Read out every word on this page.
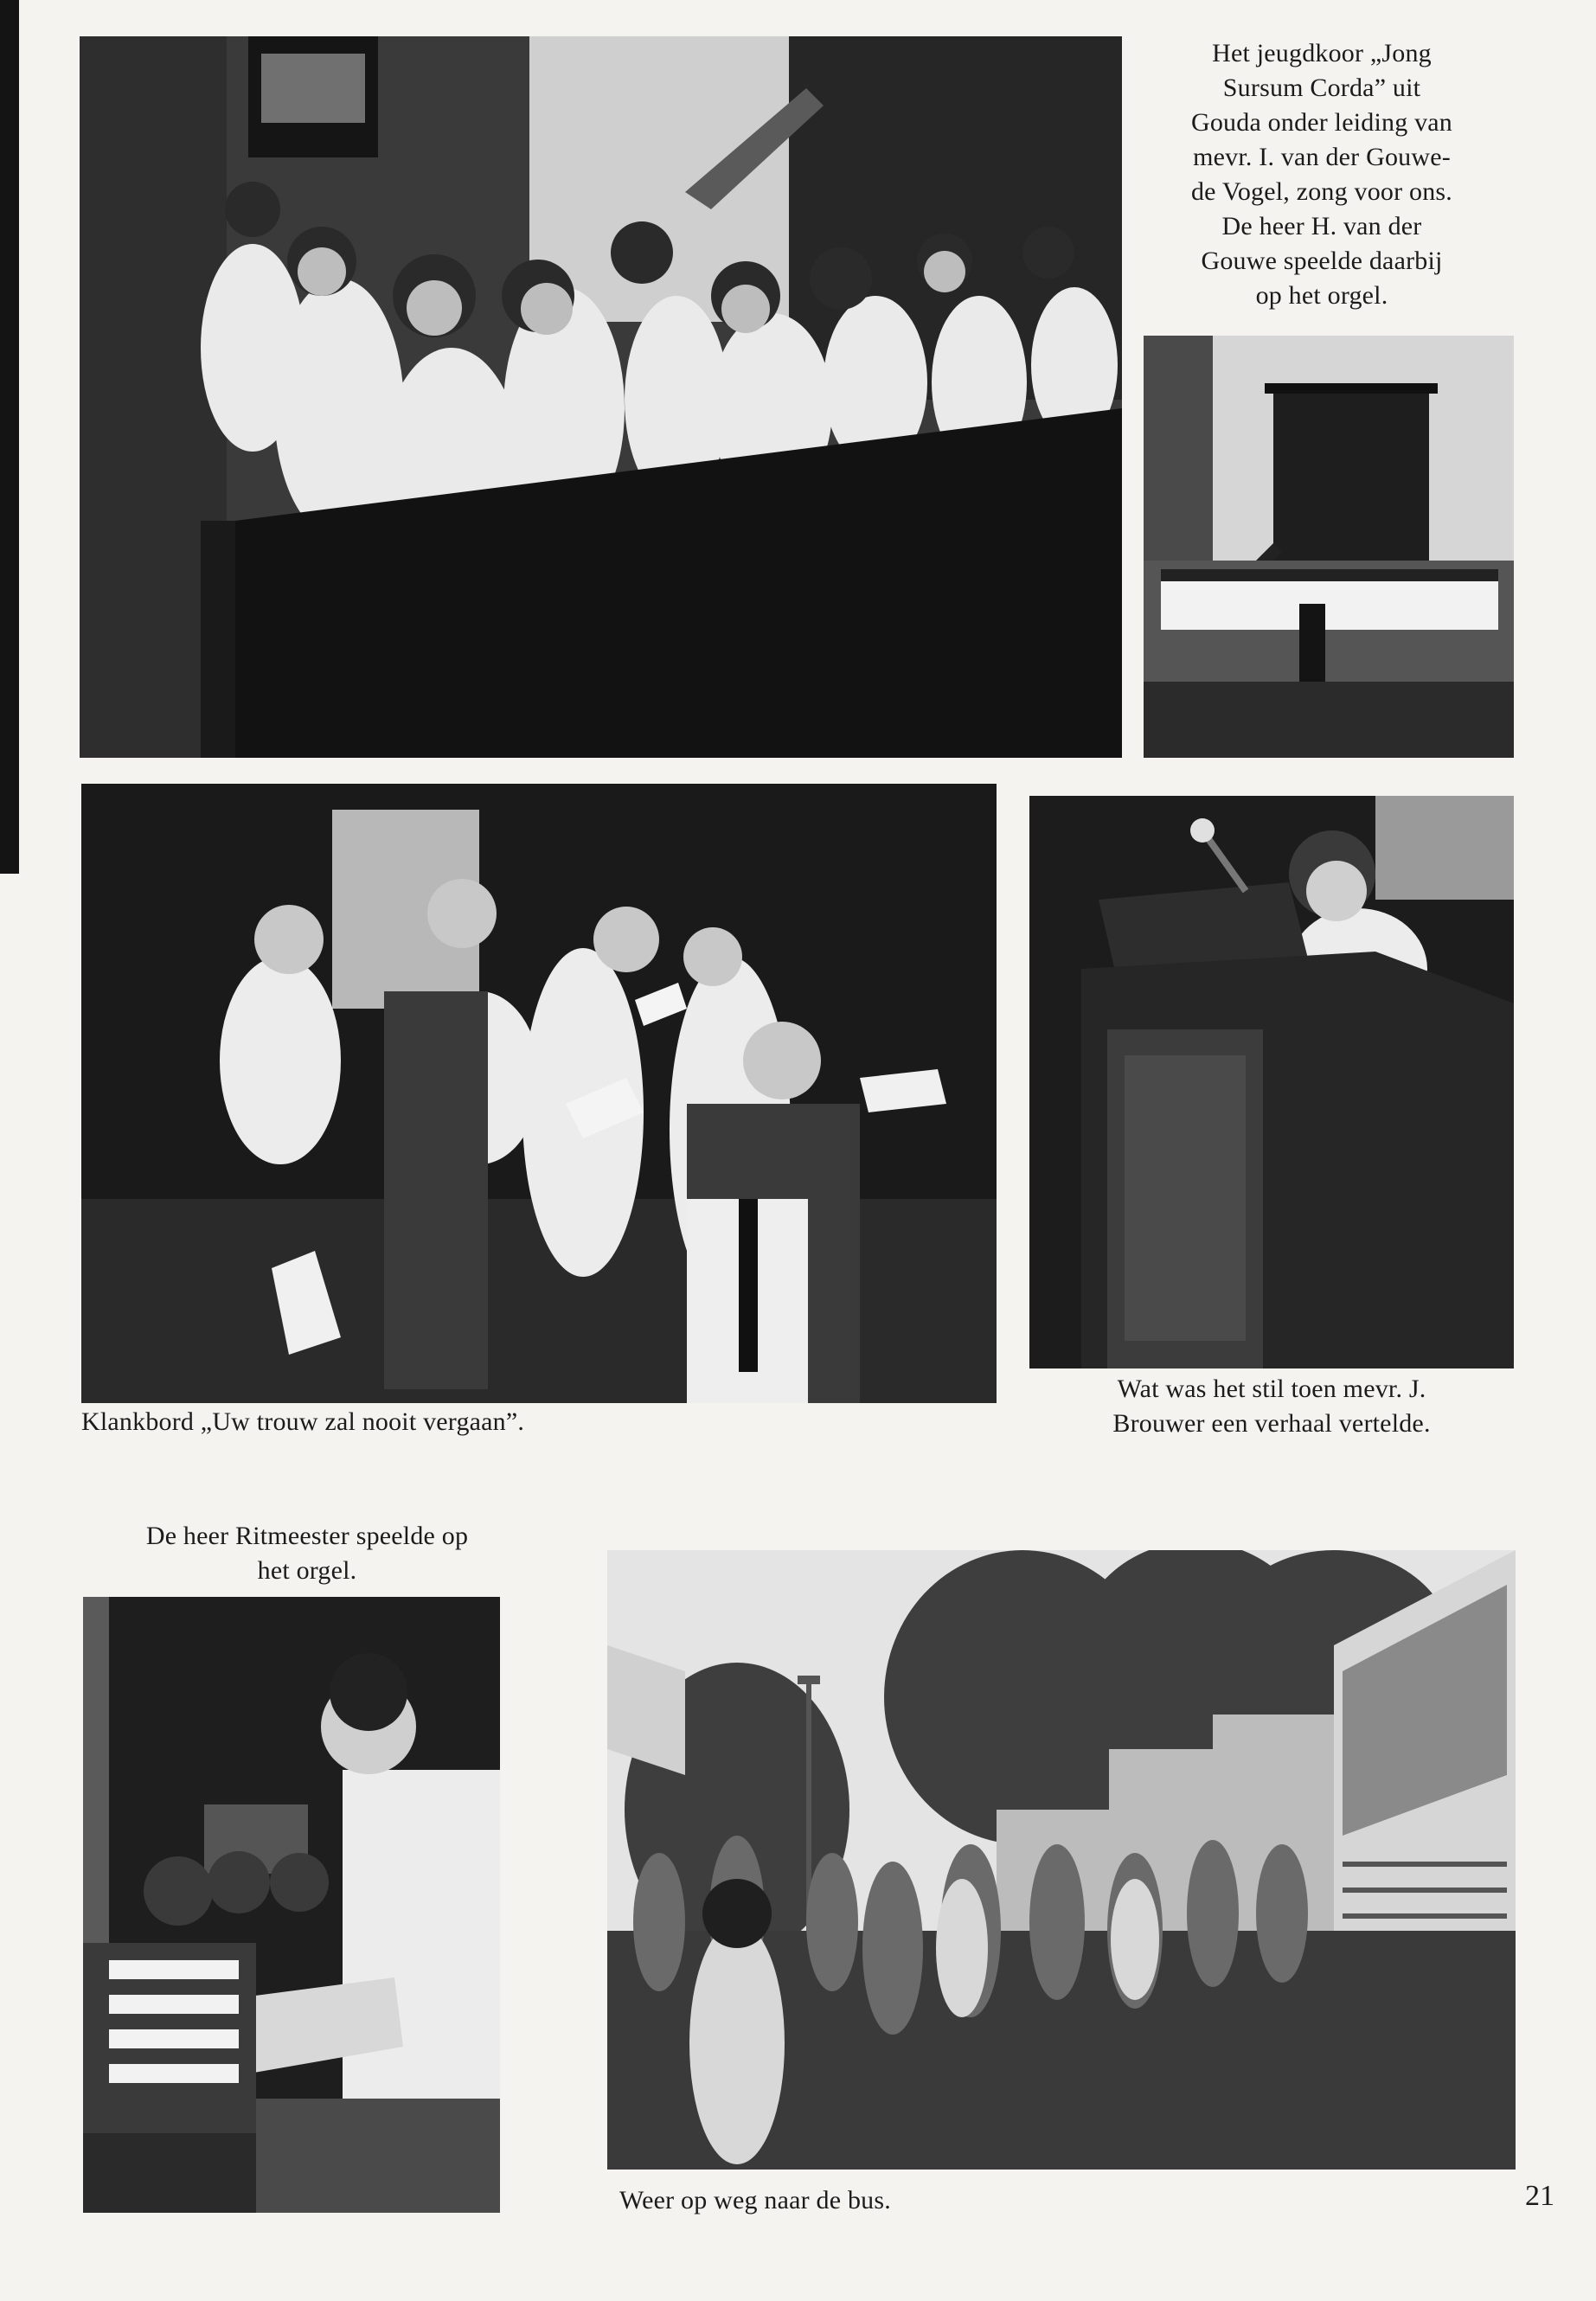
Het jeugdkoor „Jong
Sursum Corda” uit
Gouda onder leiding van
mevr. I. van der Gouwe-
de Vogel, zong voor ons.
De heer H. van der
Gouwe speelde daarbij
op het orgel.
Klankbord „Uw trouw zal nooit vergaan”.
Wat was het stil toen mevr. J.
Brouwer een verhaal vertelde.
De heer Ritmeester speelde op
het orgel.
Weer op weg naar de bus.	21
